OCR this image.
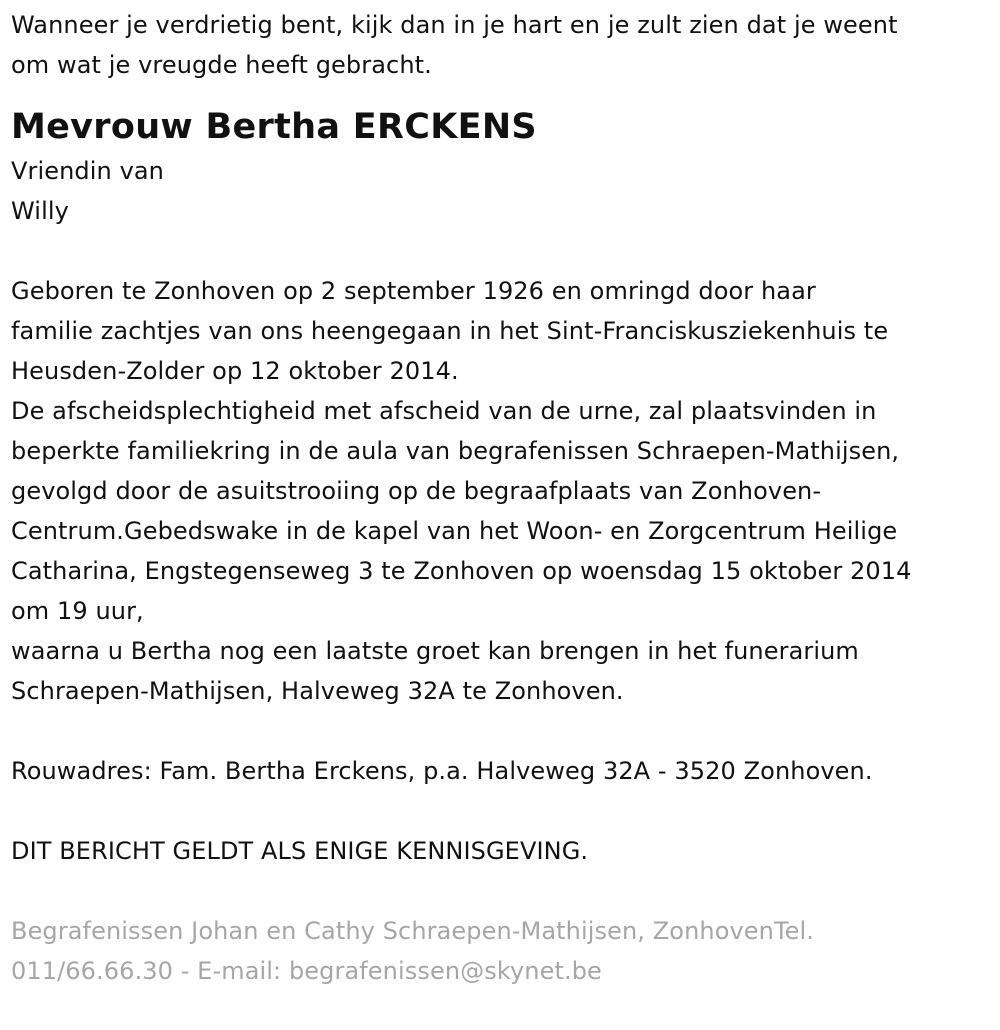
Wanneer je verdrietig bent, kijk dan in je hart en je zult zien dat je weent
om wat je vreugde heeft gebracht.
Mevrouw Bertha ERCKENS
Vriendin van
Willy
Geboren te Zonhoven op 2 september 1926 en omringd door haar
familie zachtjes van ons heengegaan in het Sint-Franciskusziekenhuis te
Heusden-Zolder op 12 oktober 2014.
De afscheidsplechtigheid met afscheid van de urne, zal plaatsvinden in
beperkte familiekring in de aula van begrafenissen Schraepen-Mathijsen,
gevolgd door de asuitstrooiing op de begraafplaats van Zonhoven-
Centrum.Gebedswake in de kapel van het Woon- en Zorgcentrum Heilige
Catharina, Engstegenseweg 3 te Zonhoven op woensdag 15 oktober 2014
om 19 uur,
waarna u Bertha nog een laatste groet kan brengen in het funerarium
Schraepen-Mathijsen, Halveweg 32A te Zonhoven.
Rouwadres: Fam. Bertha Erckens, p.a. Halveweg 32A - 3520 Zonhoven.
DIT BERICHT GELDT ALS ENIGE KENNISGEVING.
Begrafenissen Johan en Cathy Schraepen-Mathijsen, ZonhovenTel.
011/66.66.30 - E-mail: begrafenissen@skynet.be
